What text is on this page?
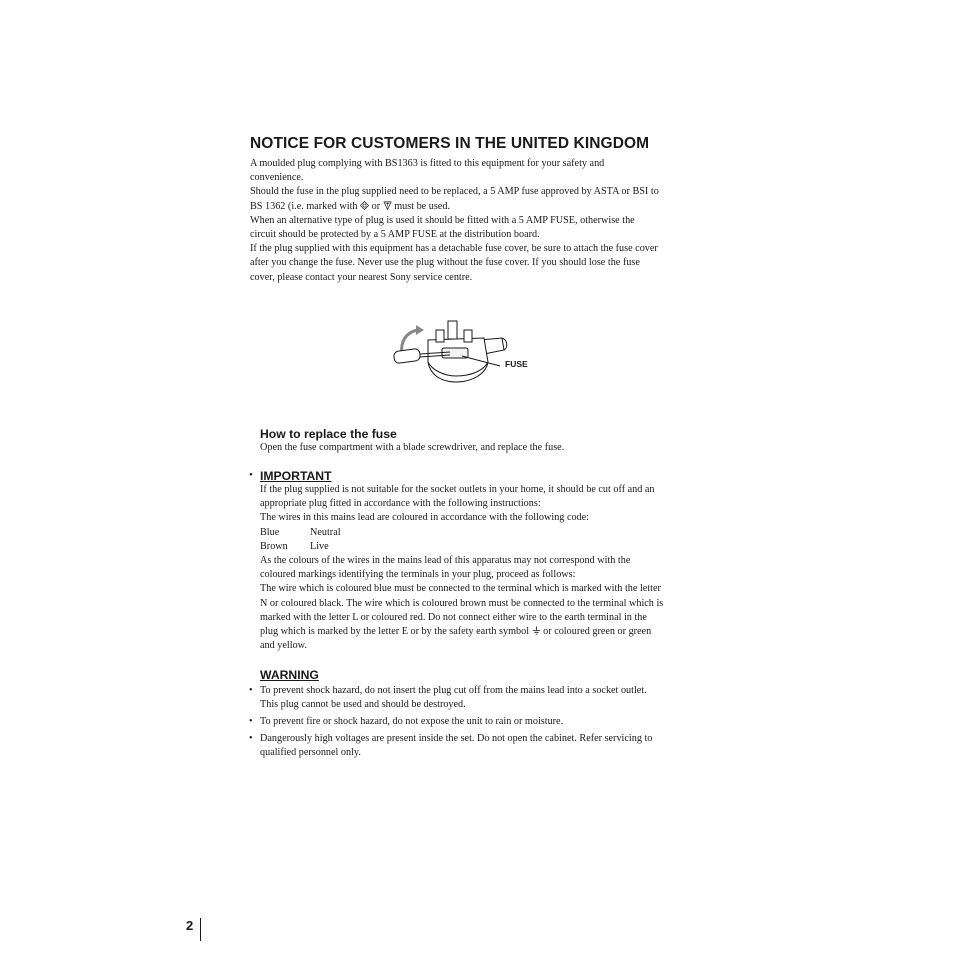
NOTICE FOR CUSTOMERS IN THE UNITED KINGDOM

A moulded plug complying with BS1363 is fitted to this equipment for your safety and convenience.

Should the fuse in the plug supplied need to be replaced, a 5 AMP fuse approved by ASTA or BSI to BS 1362 (i.e. marked with or must be used.

When an alternative type of plug is used it should be fitted with a 5 AMP FUSE, otherwise the circuit should be protected by a 5 AMP FUSE at the distribution board.

If the plug supplied with this equipment has a detachable fuse cover, be sure to attach the fuse cover after you change the fuse. Never use the plug without the fuse cover. If you should lose the fuse cover, please contact your nearest Sony service centre.

FUSE

How to replace the fuse

Open the fuse compartment with a blade screwdriver, and replace the fuse.

• IMPORTANT

If the plug supplied is not suitable for the socket outlets in your home, it should be cut off and an appropriate plug fitted in accordance with the following instructions:

The wires in this mains lead are coloured in accordance with the following code:

Blue	Neutral
Brown	Live

As the colours of the wires in the mains lead of this apparatus may not correspond with the coloured markings identifying the terminals in your plug, proceed as follows:

The wire which is coloured blue must be connected to the terminal which is marked with the letter N or coloured black. The wire which is coloured brown must be connected to the terminal which is marked with the letter L or coloured red. Do not connect either wire to the earth terminal in the plug which is marked by the letter E or by the safety earth symbol or coloured green or green and yellow.

WARNING

• To prevent shock hazard, do not insert the plug cut off from the mains lead into a socket outlet. This plug cannot be used and should be destroyed.
• To prevent fire or shock hazard, do not expose the unit to rain or moisture.
• Dangerously high voltages are present inside the set. Do not open the cabinet. Refer servicing to qualified personnel only.

2
